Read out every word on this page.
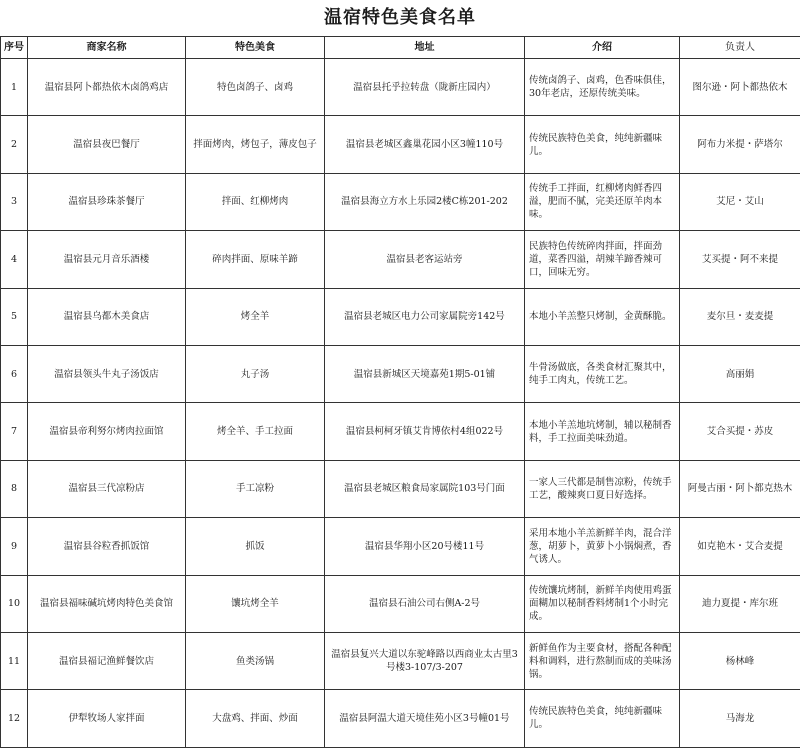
温宿特色美食名单
序号	商家名称	特色美食	地址	介绍	负责人
1	温宿县阿卜都热依木卤鸽鸡店	特色卤鸽子、卤鸡	温宿县托乎拉转盘（陇新庄园内）	传统卤鸽子、卤鸡，色香味俱佳，30年老店，还原传统美味。	图尔逊・阿卜都热依木
2	温宿县夜巴餐厅	拌面烤肉，烤包子，薄皮包子	温宿县老城区鑫巢花园小区3幢110号	传统民族特色美食，纯纯新疆味儿。	阿布力米提・萨塔尔
3	温宿县珍珠茶餐厅	拌面、红柳烤肉	温宿县海立方水上乐园2楼C栋201-202	传统手工拌面，红柳烤肉鲜香四溢，肥而不腻，完美还原羊肉本味。	艾尼・艾山
4	温宿县元月音乐酒楼	碎肉拌面、原味羊蹄	温宿县老客运站旁	民族特色传统碎肉拌面，拌面劲道，菜香四溢，胡辣羊蹄香辣可口，回味无穷。	艾买提・阿不来提
5	温宿县乌都木美食店	烤全羊	温宿县老城区电力公司家属院旁142号	本地小羊羔整只烤制，金黄酥脆。	麦尔旦・麦麦提
6	温宿县领头牛丸子汤饭店	丸子汤	温宿县新城区天境嘉苑1期5-01铺	牛骨汤做底，各类食材汇聚其中，纯手工肉丸，传统工艺。	高丽娟
7	温宿县帝利努尔烤肉拉面馆	烤全羊、手工拉面	温宿县柯柯牙镇艾肯博依村4组022号	本地小羊羔地坑烤制，辅以秘制香料，手工拉面美味劲道。	艾合买提・苏皮
8	温宿县三代凉粉店	手工凉粉	温宿县老城区粮食局家属院103号门面	一家人三代都是制售凉粉，传统手工艺，酸辣爽口夏日好选择。	阿曼古丽・阿卜都克热木
9	温宿县谷粒香抓饭馆	抓饭	温宿县华翔小区20号楼11号	采用本地小羊羔新鲜羊肉，混合洋葱，胡萝卜，黄萝卜小锅焖煮，香气诱人。	如克艳木・艾合麦提
10	温宿县福味碱坑烤肉特色美食馆	馕坑烤全羊	温宿县石油公司右侧A-2号	传统馕坑烤制，新鲜羊肉使用鸡蛋面糊加以秘制香料烤制1个小时完成。	迪力夏提・库尔班
11	温宿县福记渔鲜餐饮店	鱼类汤锅	温宿县复兴大道以东驼峰路以西商业太古里3号楼3-107/3-207	新鲜鱼作为主要食材，搭配各种配料和调料，进行熬制而成的美味汤锅。	杨林峰
12	伊犁牧场人家拌面	大盘鸡、拌面、炒面	温宿县阿温大道天境佳苑小区3号幢01号	传统民族特色美食，纯纯新疆味儿。	马海龙
